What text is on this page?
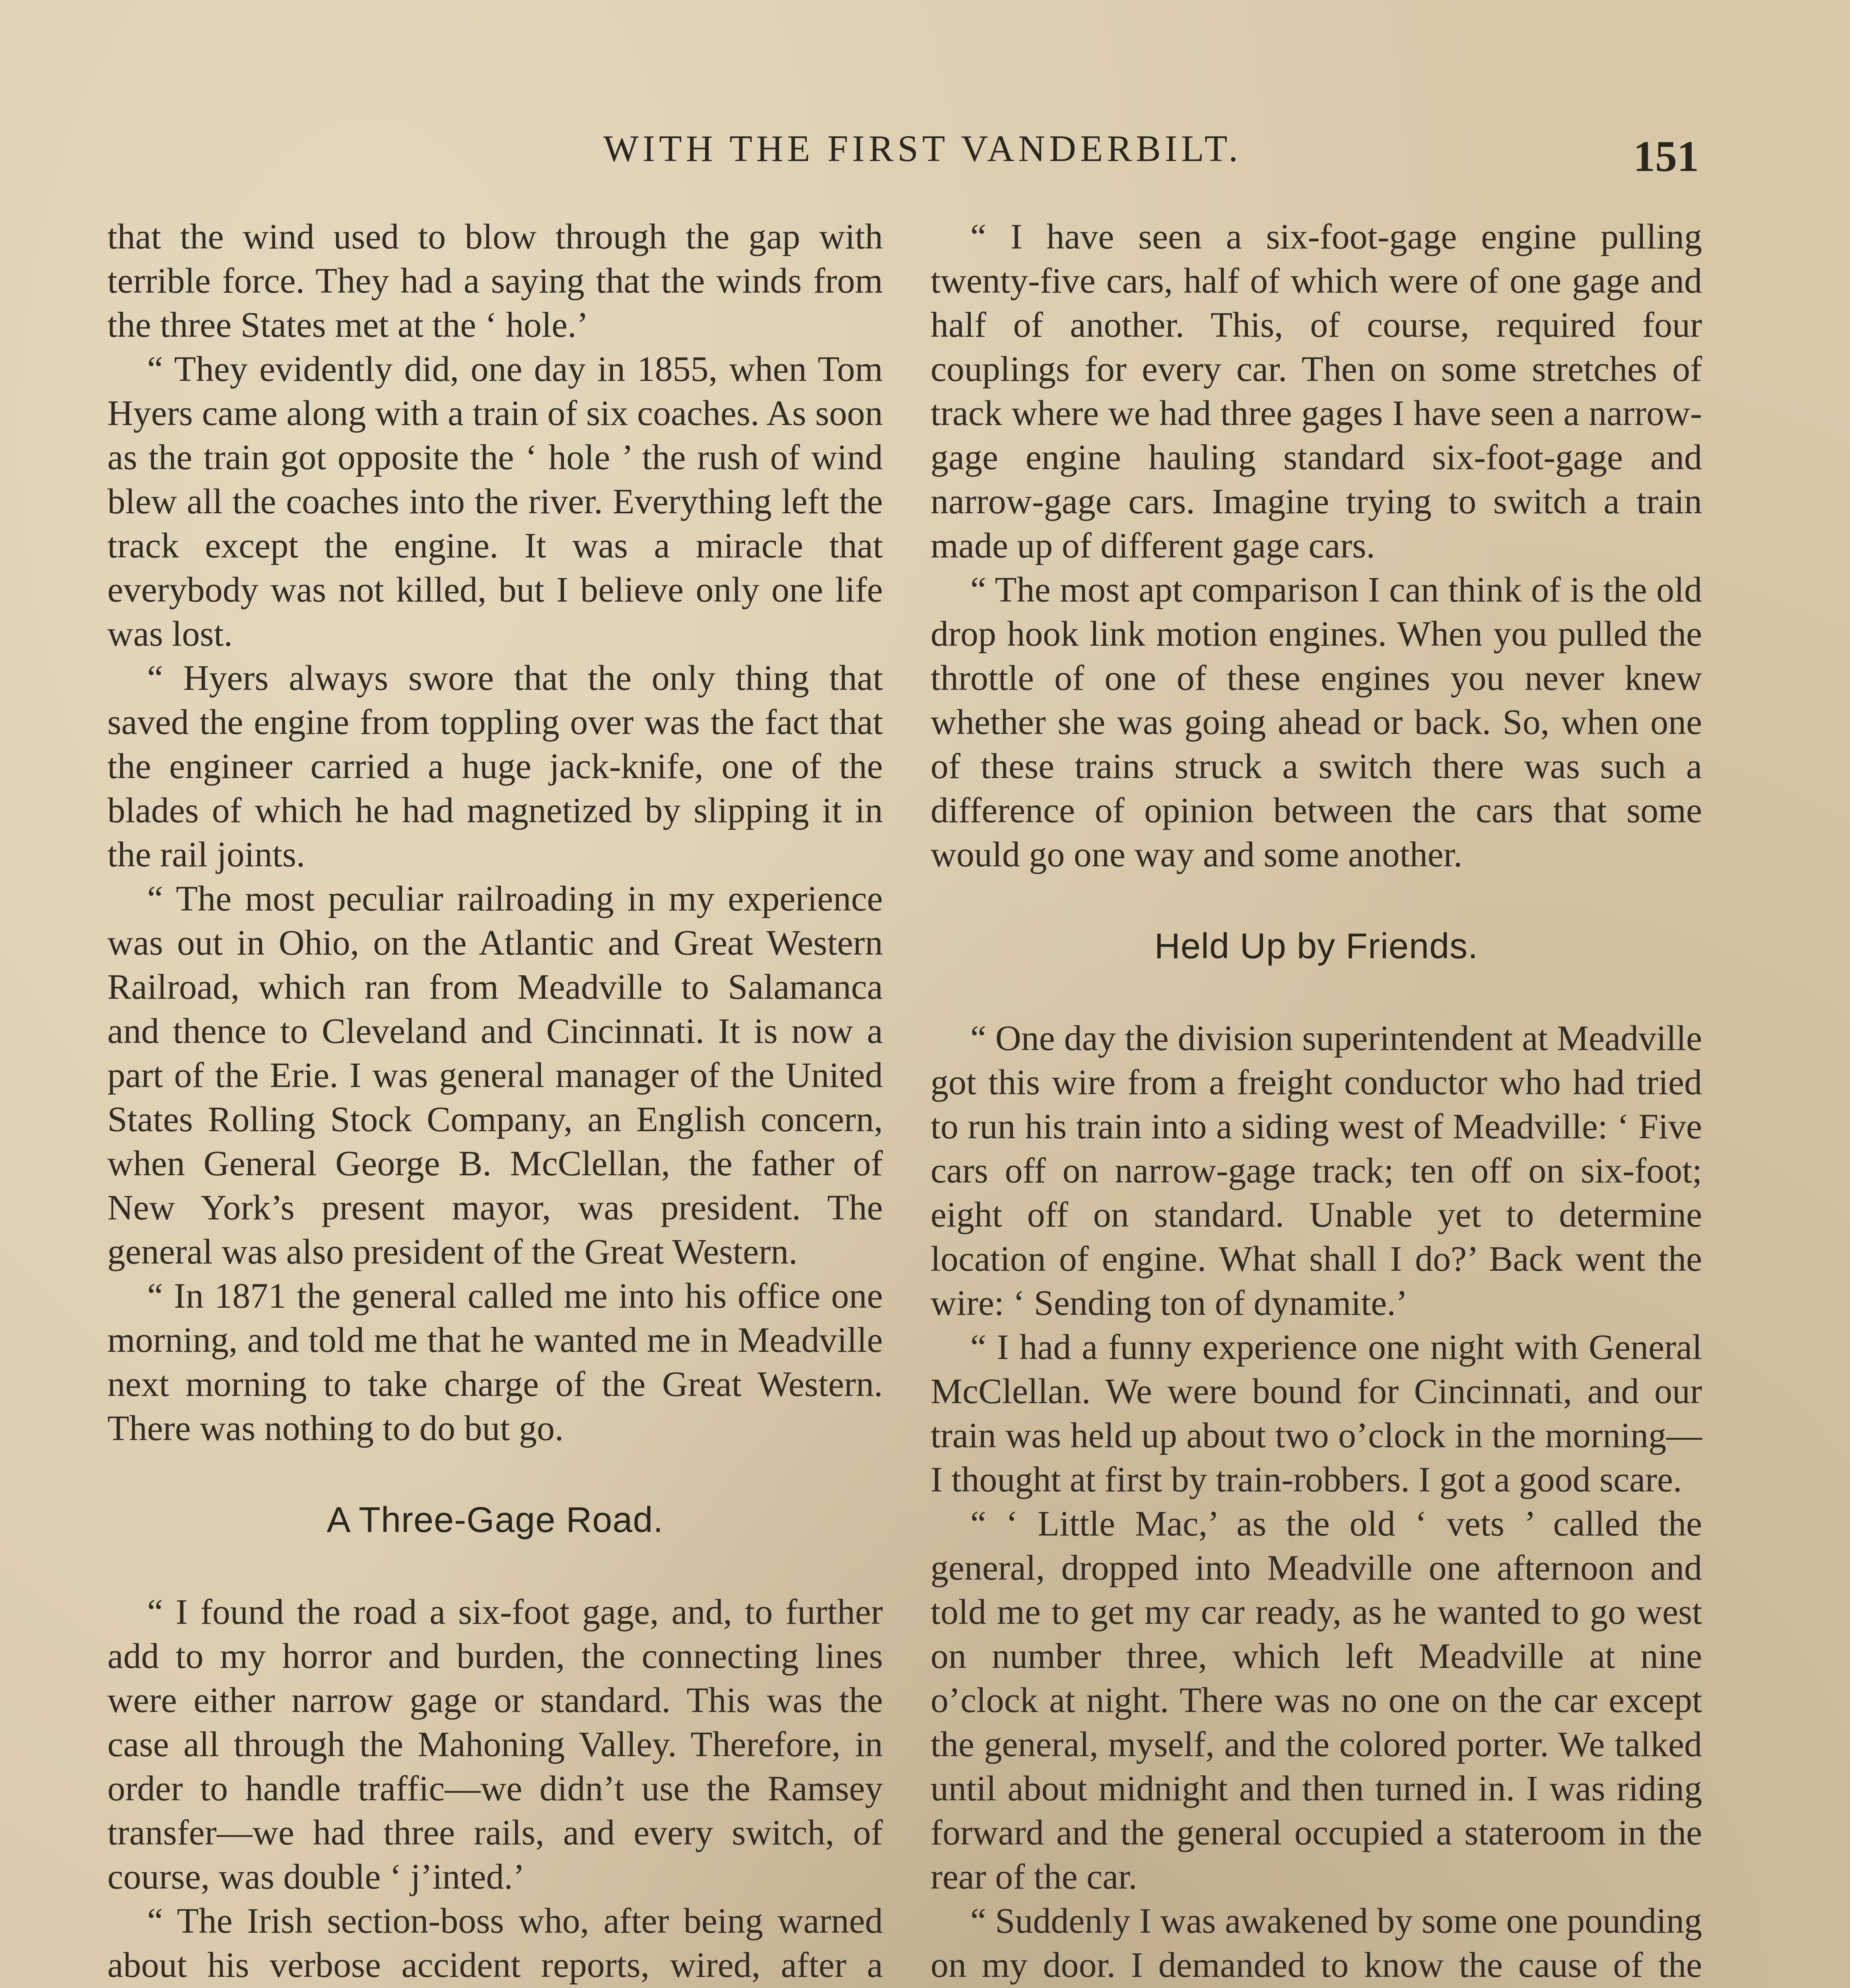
WITH THE FIRST VANDERBILT.	151

that the wind used to blow through the gap with terrible force. They had a saying that the winds from the three States met at the ‘ hole.’

“ They evidently did, one day in 1855, when Tom Hyers came along with a train of six coaches. As soon as the train got opposite the ‘ hole ’ the rush of wind blew all the coaches into the river. Everything left the track except the engine. It was a miracle that everybody was not killed, but I believe only one life was lost.

“ Hyers always swore that the only thing that saved the engine from toppling over was the fact that the engineer carried a huge jack-knife, one of the blades of which he had magnetized by slipping it in the rail joints.

“ The most peculiar railroading in my experience was out in Ohio, on the Atlantic and Great Western Railroad, which ran from Meadville to Salamanca and thence to Cleveland and Cincinnati. It is now a part of the Erie. I was general manager of the United States Rolling Stock Company, an English concern, when General George B. McClellan, the father of New York’s present mayor, was president. The general was also president of the Great Western.

“ In 1871 the general called me into his office one morning, and told me that he wanted me in Meadville next morning to take charge of the Great Western. There was nothing to do but go.

A Three-Gage Road.

“ I found the road a six-foot gage, and, to further add to my horror and burden, the connecting lines were either narrow gage or standard. This was the case all through the Mahoning Valley. Therefore, in order to handle traffic—we didn’t use the Ramsey transfer—we had three rails, and every switch, of course, was double ‘ j’inted.’

“ The Irish section-boss who, after being warned about his verbose accident reports, wired, after a

“ I have seen a six-foot-gage engine pulling twenty-five cars, half of which were of one gage and half of another. This, of course, required four couplings for every car. Then on some stretches of track where we had three gages I have seen a narrow-gage engine hauling standard six-foot-gage and narrow-gage cars. Imagine trying to switch a train made up of different gage cars.

“ The most apt comparison I can think of is the old drop hook link motion engines. When you pulled the throttle of one of these engines you never knew whether she was going ahead or back. So, when one of these trains struck a switch there was such a difference of opinion between the cars that some would go one way and some another.

Held Up by Friends.

“ One day the division superintendent at Meadville got this wire from a freight conductor who had tried to run his train into a siding west of Meadville: ‘ Five cars off on narrow-gage track; ten off on six-foot; eight off on standard. Unable yet to determine location of engine. What shall I do?’ Back went the wire: ‘ Sending ton of dynamite.’

“ I had a funny experience one night with General McClellan. We were bound for Cincinnati, and our train was held up about two o’clock in the morning—I thought at first by train-robbers. I got a good scare.

“ ‘ Little Mac,’ as the old ‘ vets ’ called the general, dropped into Meadville one afternoon and told me to get my car ready, as he wanted to go west on number three, which left Meadville at nine o’clock at night. There was no one on the car except the general, myself, and the colored porter. We talked until about midnight and then turned in. I was riding forward and the general occupied a stateroom in the rear of the car.

“ Suddenly I was awakened by some one pounding on my door. I demanded to know the cause of the
